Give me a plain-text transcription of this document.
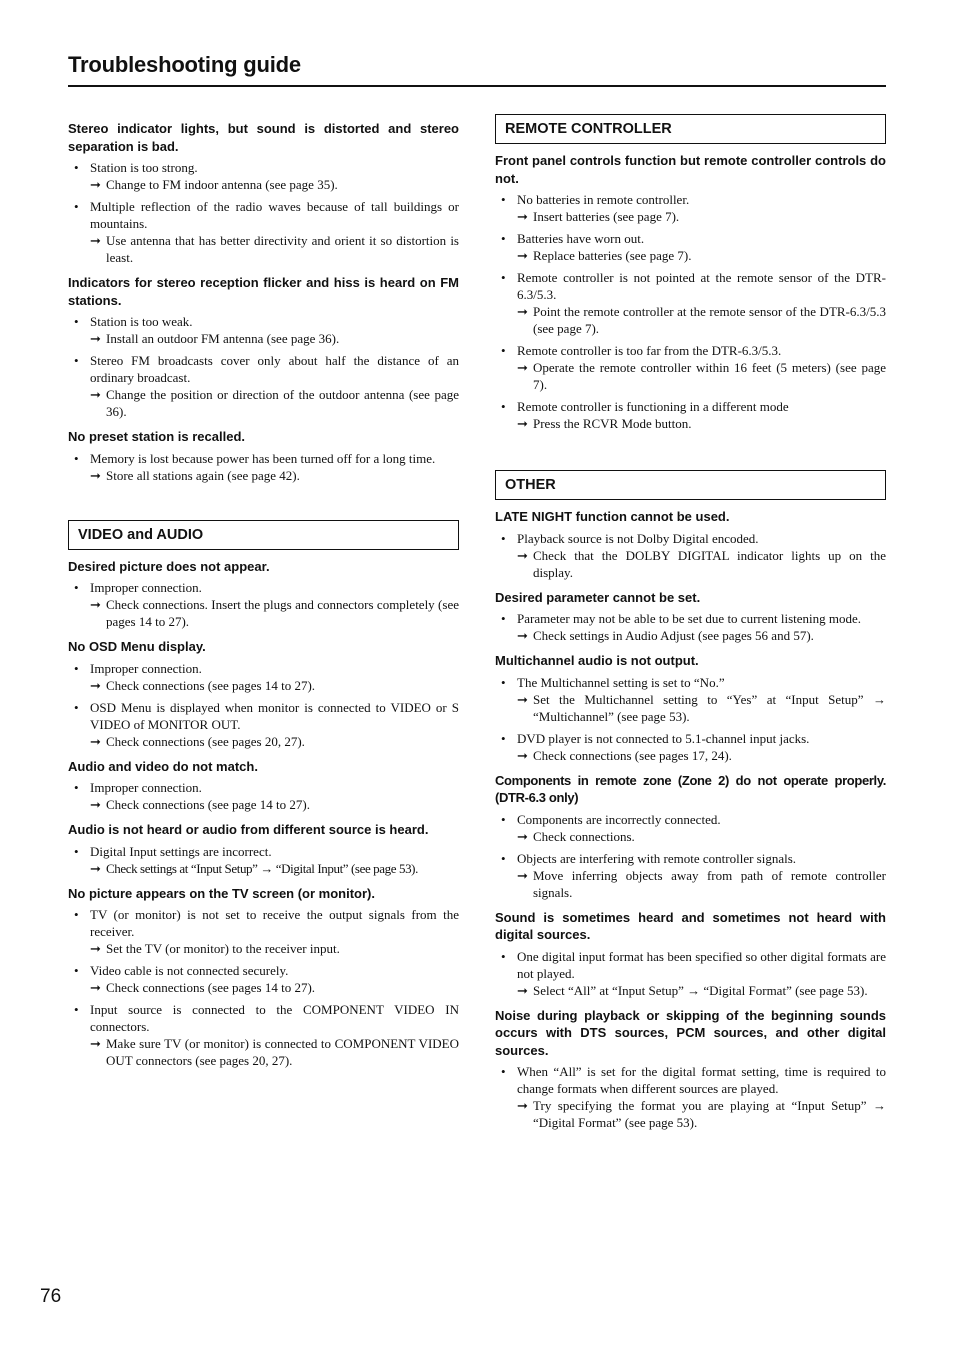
Troubleshooting guide
Stereo indicator lights, but sound is distorted and stereo separation is bad.
• Station is too strong.
➞ Change to FM indoor antenna (see page 35).
• Multiple reflection of the radio waves because of tall buildings or mountains.
➞ Use antenna that has better directivity and orient it so distortion is least.
Indicators for stereo reception flicker and hiss is heard on FM stations.
• Station is too weak.
➞ Install an outdoor FM antenna (see page 36).
• Stereo FM broadcasts cover only about half the distance of an ordinary broadcast.
➞ Change the position or direction of the outdoor antenna (see page 36).
No preset station is recalled.
• Memory is lost because power has been turned off for a long time.
➞ Store all stations again (see page 42).
VIDEO and AUDIO
Desired picture does not appear.
• Improper connection.
➞ Check connections. Insert the plugs and connectors completely (see pages 14 to 27).
No OSD Menu display.
• Improper connection.
➞ Check connections (see pages 14 to 27).
• OSD Menu is displayed when monitor is connected to VIDEO or S VIDEO of MONITOR OUT.
➞ Check connections (see pages 20, 27).
Audio and video do not match.
• Improper connection.
➞ Check connections (see page 14 to 27).
Audio is not heard or audio from different source is heard.
• Digital Input settings are incorrect.
➞ Check settings at “Input Setup” → “Digital Input” (see page 53).
No picture appears on the TV screen (or monitor).
• TV (or monitor) is not set to receive the output signals from the receiver.
➞ Set the TV (or monitor) to the receiver input.
• Video cable is not connected securely.
➞ Check connections (see pages 14 to 27).
• Input source is connected to the COMPONENT VIDEO IN connectors.
➞ Make sure TV (or monitor) is connected to COMPONENT VIDEO OUT connectors (see pages 20, 27).
REMOTE CONTROLLER
Front panel controls function but remote controller controls do not.
• No batteries in remote controller.
➞ Insert batteries (see page 7).
• Batteries have worn out.
➞ Replace batteries (see page 7).
• Remote controller is not pointed at the remote sensor of the DTR-6.3/5.3.
➞ Point the remote controller at the remote sensor of the DTR-6.3/5.3 (see page 7).
• Remote controller is too far from the DTR-6.3/5.3.
➞ Operate the remote controller within 16 feet (5 meters) (see page 7).
• Remote controller is functioning in a different mode
➞ Press the RCVR Mode button.
OTHER
LATE NIGHT function cannot be used.
• Playback source is not Dolby Digital encoded.
➞ Check that the DOLBY DIGITAL indicator lights up on the display.
Desired parameter cannot be set.
• Parameter may not be able to be set due to current listening mode.
➞ Check settings in Audio Adjust (see pages 56 and 57).
Multichannel audio is not output.
• The Multichannel setting is set to “No.”
➞ Set the Multichannel setting to “Yes” at “Input Setup” → “Multichannel” (see page 53).
• DVD player is not connected to 5.1-channel input jacks.
➞ Check connections (see pages 17, 24).
Components in remote zone (Zone 2) do not operate properly. (DTR-6.3 only)
• Components are incorrectly connected.
➞ Check connections.
• Objects are interfering with remote controller signals.
➞ Move inferring objects away from path of remote controller signals.
Sound is sometimes heard and sometimes not heard with digital sources.
• One digital input format has been specified so other digital formats are not played.
➞ Select “All” at “Input Setup” → “Digital Format” (see page 53).
Noise during playback or skipping of the beginning sounds occurs with DTS sources, PCM sources, and other digital sources.
• When “All” is set for the digital format setting, time is required to change formats when different sources are played.
➞ Try specifying the format you are playing at “Input Setup” → “Digital Format” (see page 53).
76
